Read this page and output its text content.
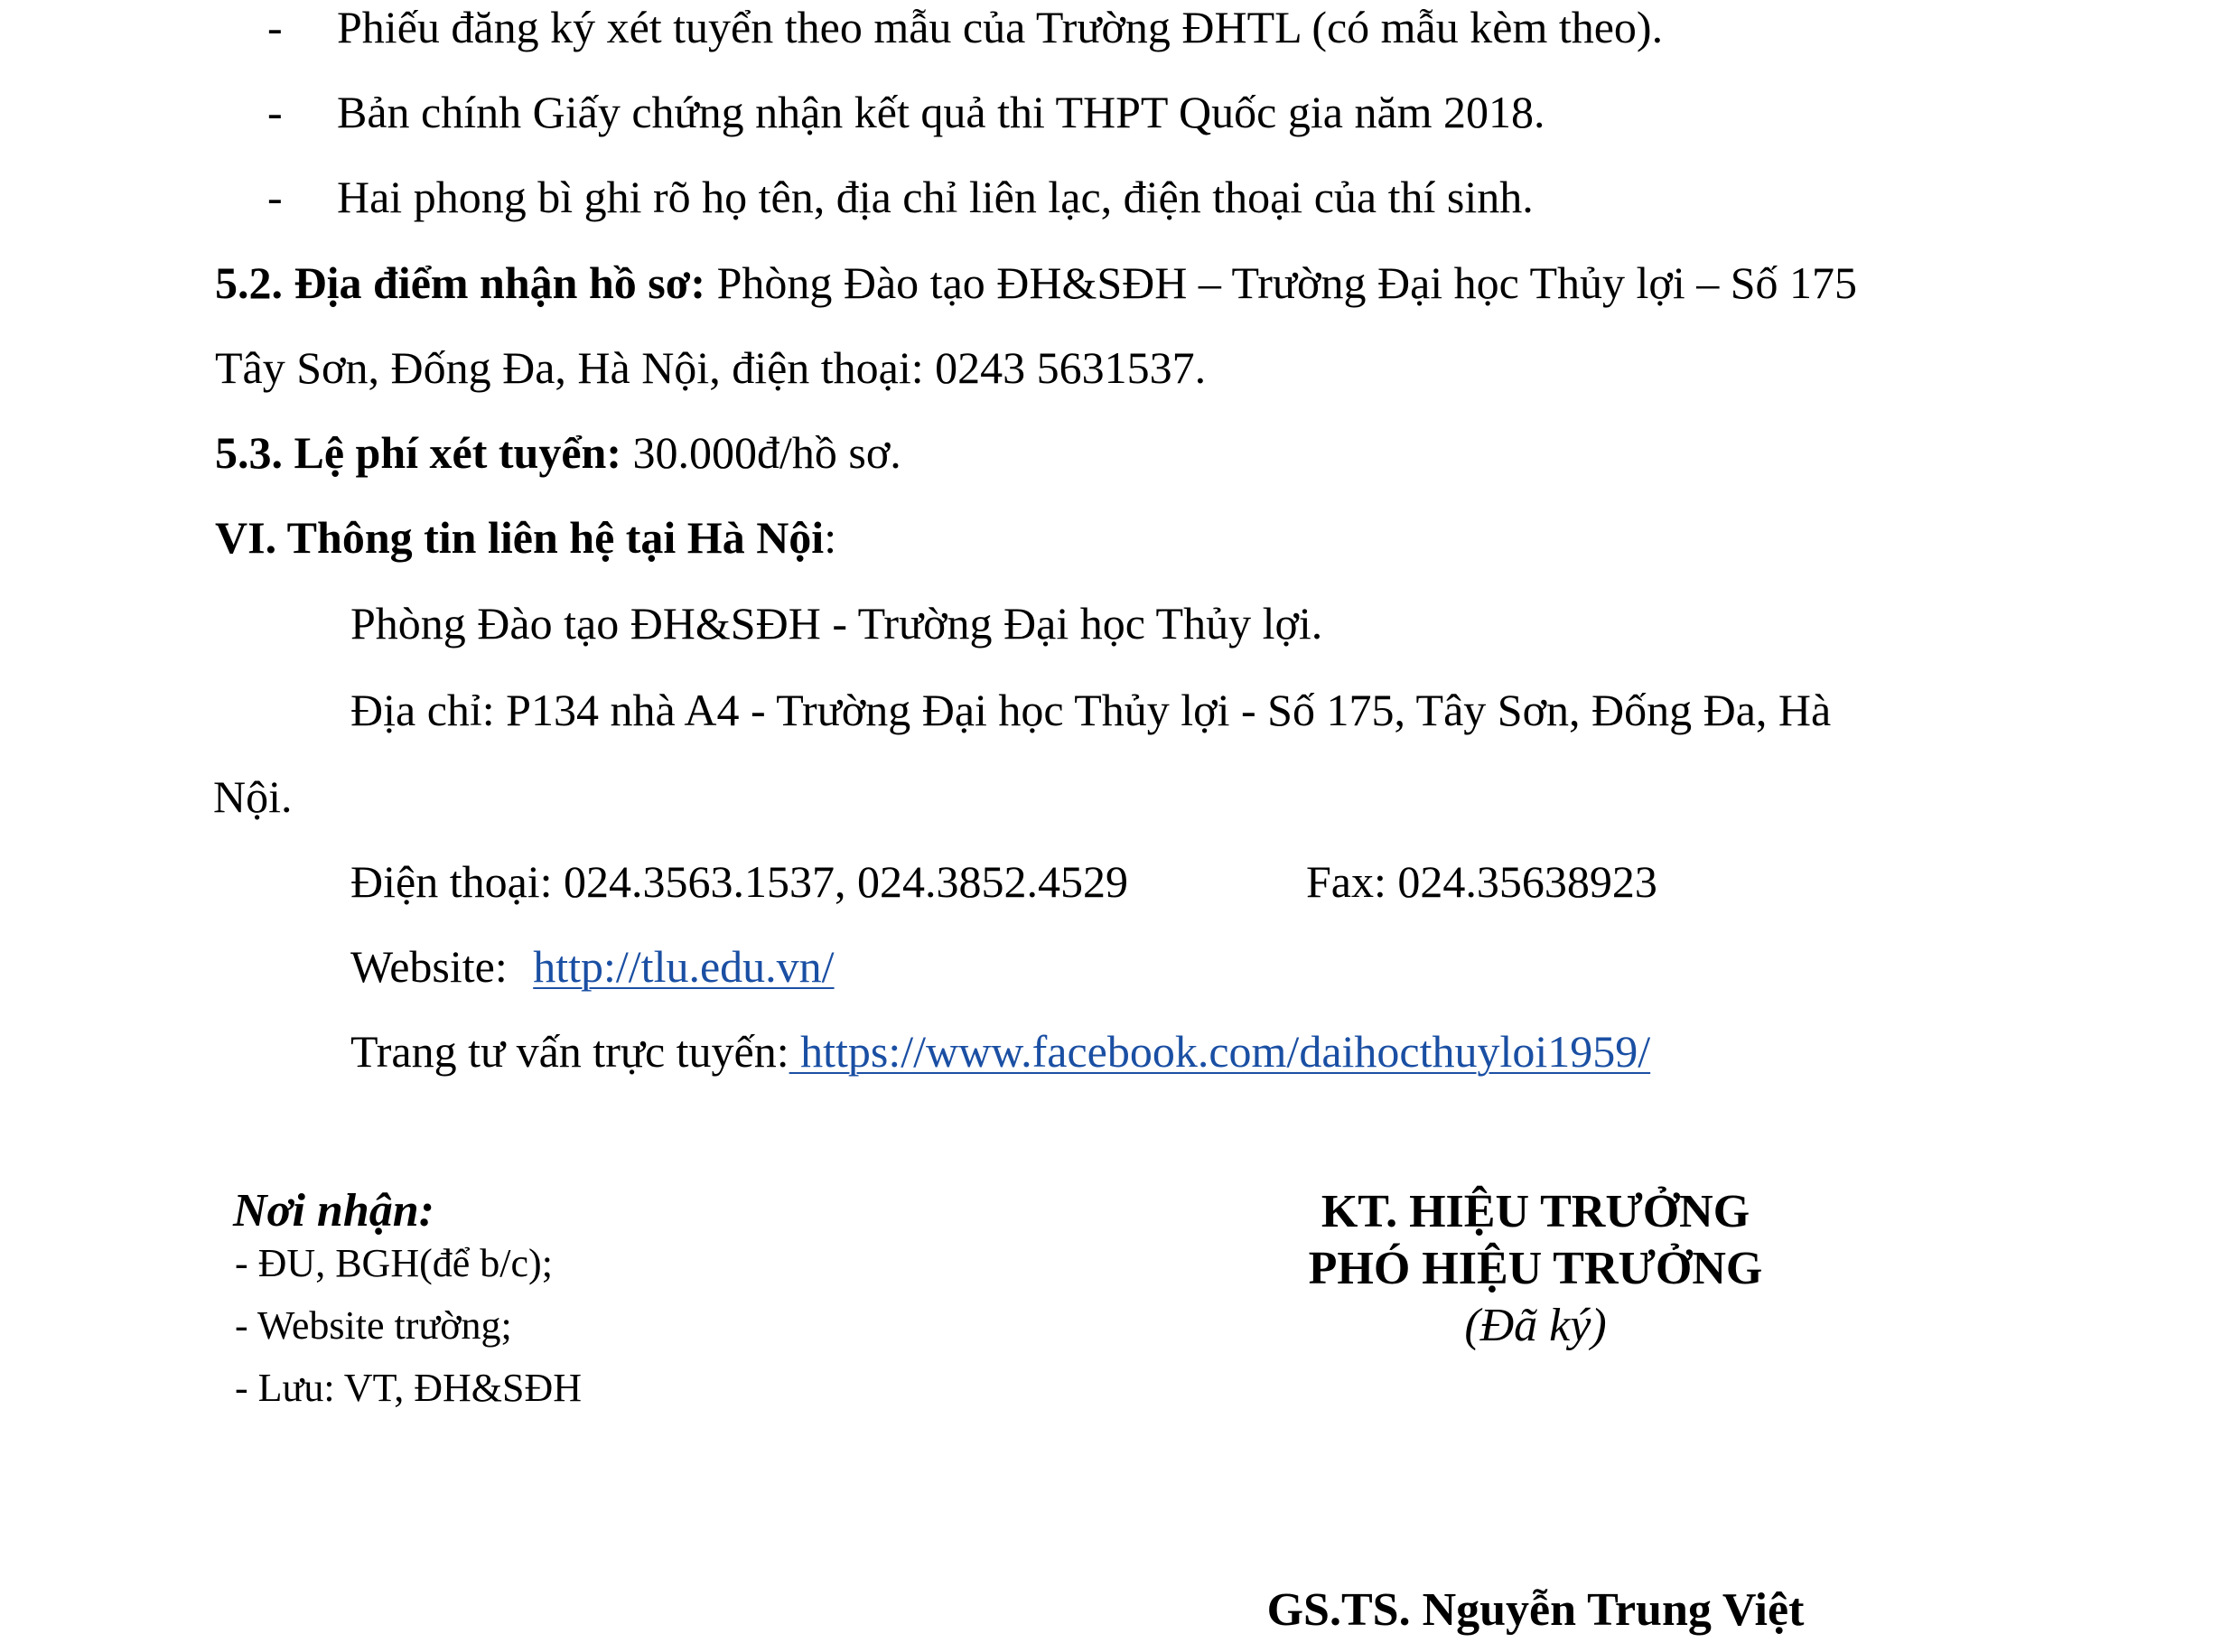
- Phiếu đăng ký xét tuyển theo mẫu của Trường ĐHTL (có mẫu kèm theo).
- Bản chính Giấy chứng nhận kết quả thi THPT Quốc gia năm 2018.
- Hai phong bì ghi rõ họ tên, địa chỉ liên lạc, điện thoại của thí sinh.
5.2. Địa điểm nhận hồ sơ: Phòng Đào tạo ĐH&SĐH – Trường Đại học Thủy lợi – Số 175
Tây Sơn, Đống Đa, Hà Nội, điện thoại: 0243 5631537.
5.3. Lệ phí xét tuyển: 30.000đ/hồ sơ.
VI. Thông tin liên hệ tại Hà Nội:
Phòng Đào tạo ĐH&SĐH - Trường Đại học Thủy lợi.
Địa chỉ: P134 nhà A4 - Trường Đại học Thủy lợi - Số 175, Tây Sơn, Đống Đa, Hà
Nội.
Điện thoại: 024.3563.1537, 024.3852.4529	Fax: 024.35638923
Website: http://tlu.edu.vn/
Trang tư vấn trực tuyến: https://www.facebook.com/daihocthuyloi1959/
Nơi nhận:
- ĐU, BGH(để b/c);
- Website trường;
- Lưu: VT, ĐH&SĐH
KT. HIỆU TRƯỞNG
PHÓ HIỆU TRƯỞNG
(Đã ký)
GS.TS. Nguyễn Trung Việt
